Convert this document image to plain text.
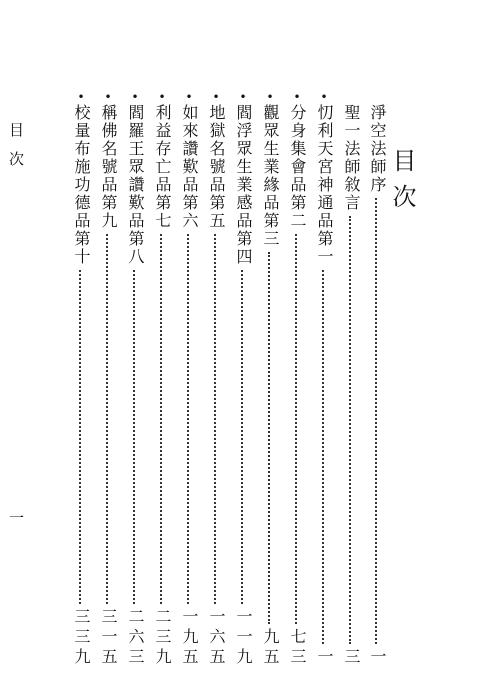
目次
一
目次
淨空法師序
一
聖一法師敘言
三
•
忉利天宮神通品第一
一
•
分身集會品第二
七三
•
觀眾生業緣品第三
九五
•
閻浮眾生業感品第四
一一九
•
地獄名號品第五
一六五
•
如來讚歎品第六
一九五
•
利益存亡品第七
二三九
•
閻羅王眾讚歎品第八
二六三
•
稱佛名號品第九
三一五
•
校量布施功德品第十
三三九
